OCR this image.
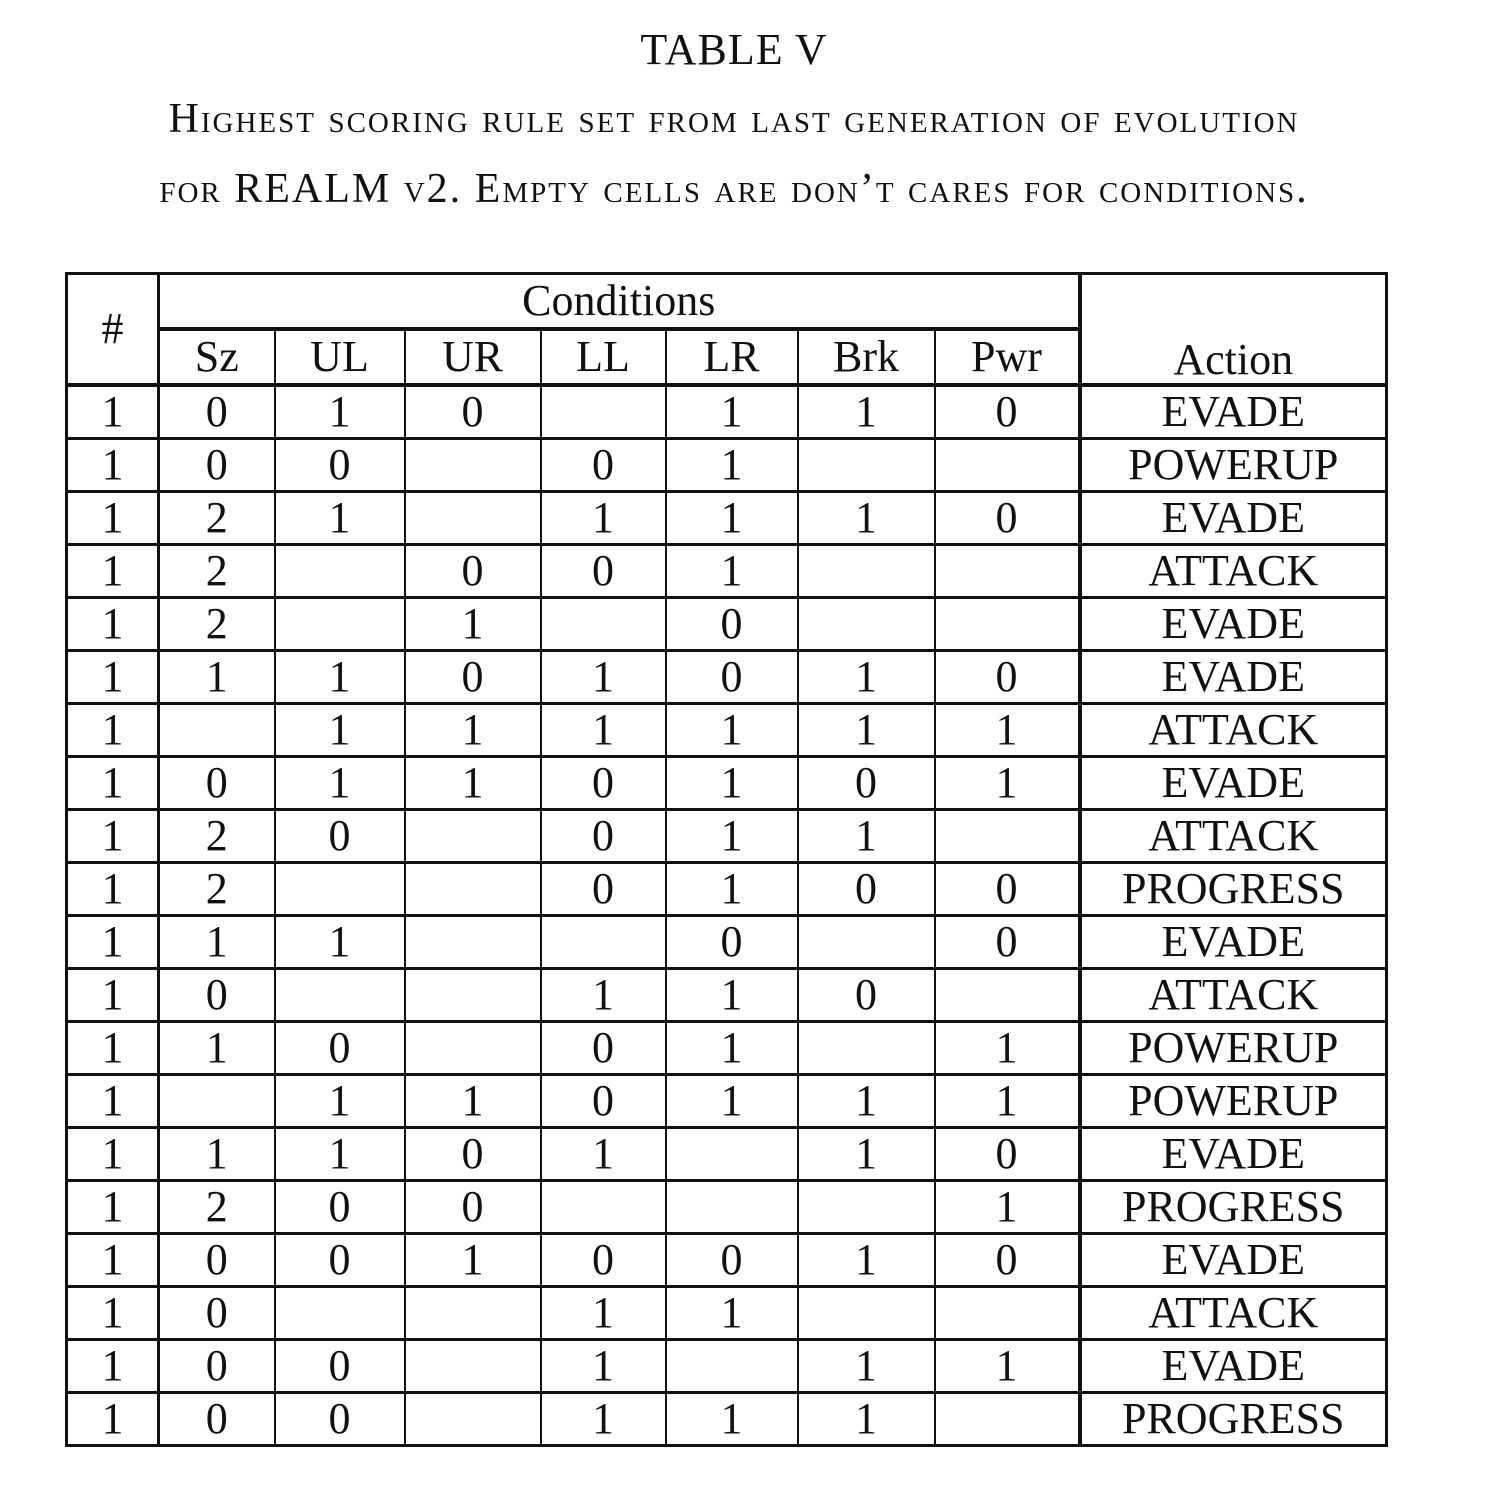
TABLE V
Highest scoring rule set from last generation of evolution
for REALM v2. Empty cells are don’t cares for conditions.
#	Conditions							Action
	Sz	UL	UR	LL	LR	Brk	Pwr	
1	0	1	0		1	1	0	EVADE
1	0	0		0	1			POWERUP
1	2	1		1	1	1	0	EVADE
1	2		0	0	1			ATTACK
1	2		1		0			EVADE
1	1	1	0	1	0	1	0	EVADE
1		1	1	1	1	1	1	ATTACK
1	0	1	1	0	1	0	1	EVADE
1	2	0		0	1	1		ATTACK
1	2			0	1	0	0	PROGRESS
1	1	1			0		0	EVADE
1	0			1	1	0		ATTACK
1	1	0		0	1		1	POWERUP
1		1	1	0	1	1	1	POWERUP
1	1	1	0	1		1	0	EVADE
1	2	0	0				1	PROGRESS
1	0	0	1	0	0	1	0	EVADE
1	0			1	1			ATTACK
1	0	0		1		1	1	EVADE
1	0	0		1	1	1		PROGRESS
